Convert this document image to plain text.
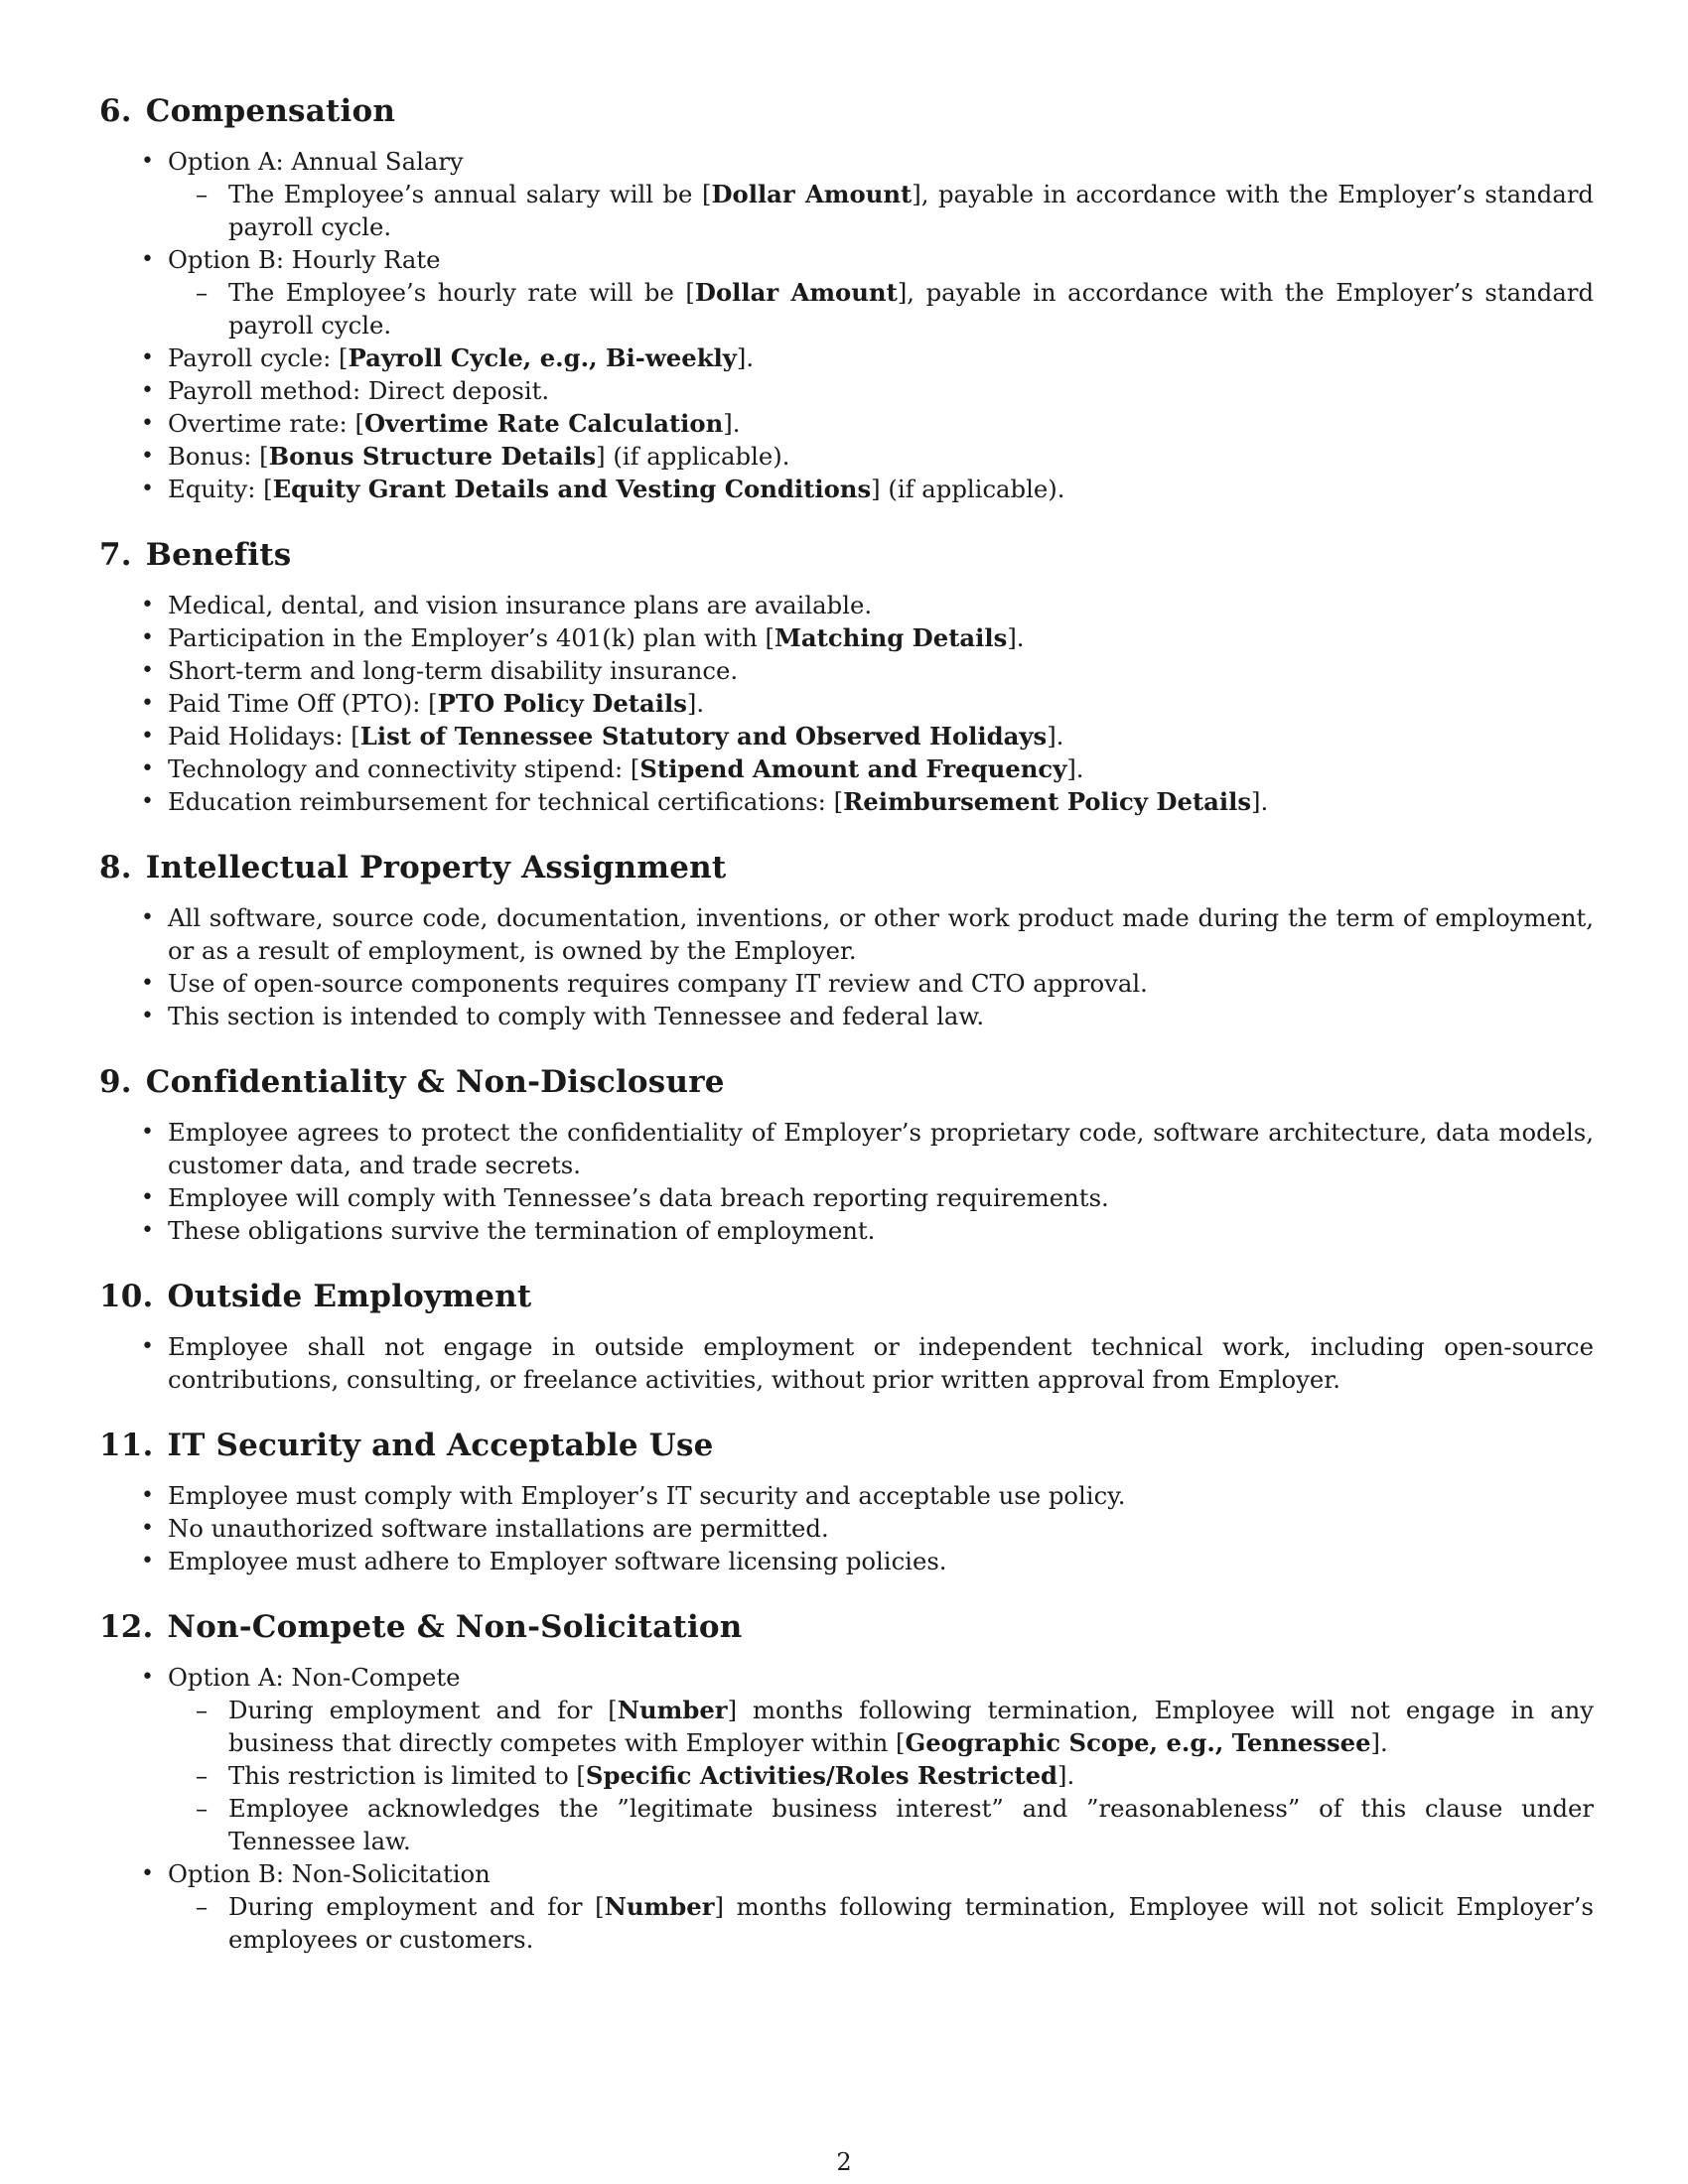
6. Compensation
• Option A: Annual Salary
– The Employee’s annual salary will be [Dollar Amount], payable in accordance with the Employer’s standard payroll cycle.
• Option B: Hourly Rate
– The Employee’s hourly rate will be [Dollar Amount], payable in accordance with the Employer’s standard payroll cycle.
• Payroll cycle: [Payroll Cycle, e.g., Bi-weekly].
• Payroll method: Direct deposit.
• Overtime rate: [Overtime Rate Calculation].
• Bonus: [Bonus Structure Details] (if applicable).
• Equity: [Equity Grant Details and Vesting Conditions] (if applicable).
7. Benefits
• Medical, dental, and vision insurance plans are available.
• Participation in the Employer’s 401(k) plan with [Matching Details].
• Short-term and long-term disability insurance.
• Paid Time Off (PTO): [PTO Policy Details].
• Paid Holidays: [List of Tennessee Statutory and Observed Holidays].
• Technology and connectivity stipend: [Stipend Amount and Frequency].
• Education reimbursement for technical certifications: [Reimbursement Policy Details].
8. Intellectual Property Assignment
• All software, source code, documentation, inventions, or other work product made during the term of employment, or as a result of employment, is owned by the Employer.
• Use of open-source components requires company IT review and CTO approval.
• This section is intended to comply with Tennessee and federal law.
9. Confidentiality & Non-Disclosure
• Employee agrees to protect the confidentiality of Employer’s proprietary code, software architecture, data models, customer data, and trade secrets.
• Employee will comply with Tennessee’s data breach reporting requirements.
• These obligations survive the termination of employment.
10. Outside Employment
• Employee shall not engage in outside employment or independent technical work, including open-source contributions, consulting, or freelance activities, without prior written approval from Employer.
11. IT Security and Acceptable Use
• Employee must comply with Employer’s IT security and acceptable use policy.
• No unauthorized software installations are permitted.
• Employee must adhere to Employer software licensing policies.
12. Non-Compete & Non-Solicitation
• Option A: Non-Compete
– During employment and for [Number] months following termination, Employee will not engage in any business that directly competes with Employer within [Geographic Scope, e.g., Tennessee].
– This restriction is limited to [Specific Activities/Roles Restricted].
– Employee acknowledges the ”legitimate business interest” and ”reasonableness” of this clause under Tennessee law.
• Option B: Non-Solicitation
– During employment and for [Number] months following termination, Employee will not solicit Employer’s employees or customers.
2
